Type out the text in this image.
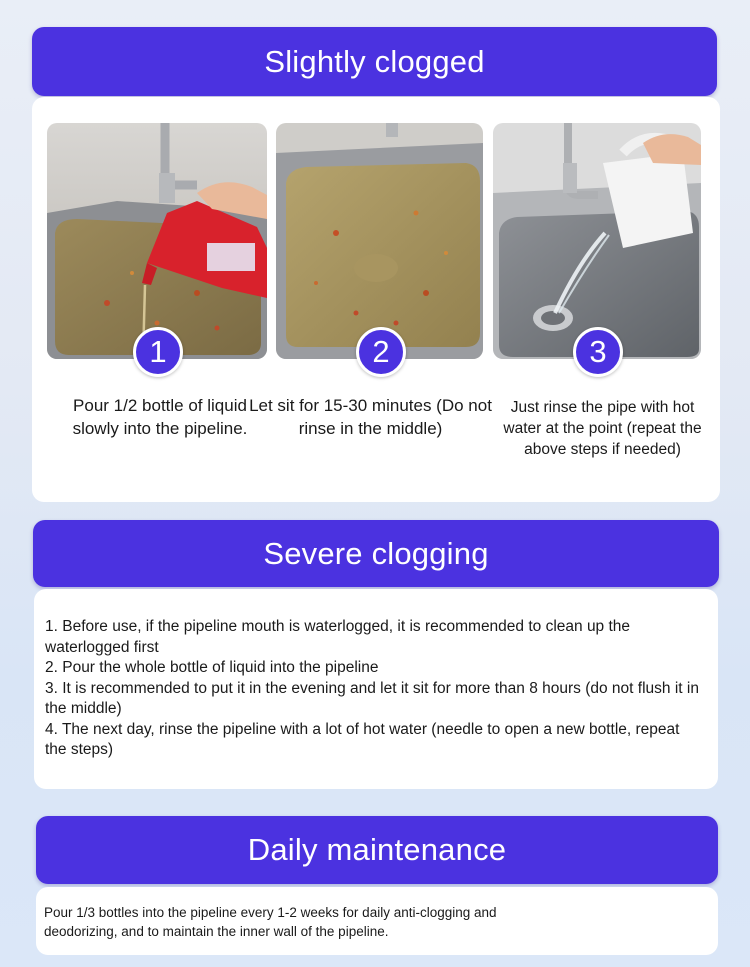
Slightly clogged
1	2	3
Pour 1/2 bottle of liquid slowly into the pipeline.
Let sit for 15-30 minutes (Do not rinse in the middle)
Just rinse the pipe with hot water at the point (repeat the above steps if needed)
Severe clogging
1. Before use, if the pipeline mouth is waterlogged, it is recommended to clean up the waterlogged first
2. Pour the whole bottle of liquid into the pipeline
3. It is recommended to put it in the evening and let it sit for more than 8 hours (do not flush it in the middle)
4. The next day, rinse the pipeline with a lot of hot water (needle to open a new bottle, repeat the steps)
Daily maintenance
Pour 1/3 bottles into the pipeline every 1-2 weeks for daily anti-clogging and deodorizing, and to maintain the inner wall of the pipeline.
